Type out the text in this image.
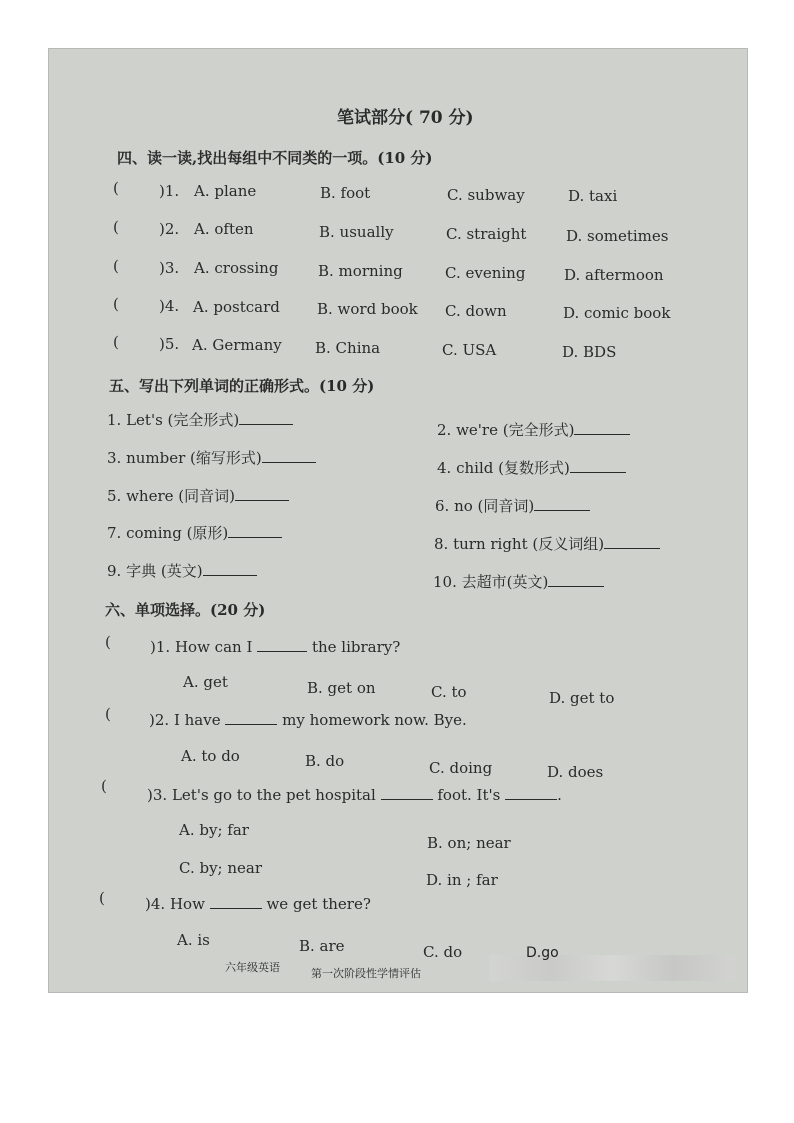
笔试部分( 70 分)
四、读一读,找出每组中不同类的一项。(10 分)
(	)1. A. plane	B. foot	C. subway	D. taxi
(	)2. A. often	B. usually	C. straight	D. sometimes
(	)3. A. crossing	B. morning	C. evening	D. aftermoon
(	)4. A. postcard B. word book C. down	D. comic book
(	)5. A. Germany B. China	C. USA	D. BDS
五、写出下列单词的正确形式。(10 分)
1. Let's (完全形式)
2. we're (完全形式)
3. number (缩写形式)
4. child (复数形式)
5. where (同音词)
6. no (同音词)
7. coming (原形)
8. turn right (反义词组)
9. 字典 (英文)
10. 去超市(英文)
六、单项选择。(20 分)
(	)1. How can I	the library?
A. get	B. get on	C. to	D. get to
(	)2. I have	my homework now. Bye.
A. to do	B. do	C. doing	D. does
(	)3. Let's go to the pet hospital	foot. It's	.
A. by; far
B. on; near
C. by; near
D. in ; far
(	)4. How	we get there?
A. is	B. are	C. do	D.go
六年级英语	第一次阶段性学情评估
